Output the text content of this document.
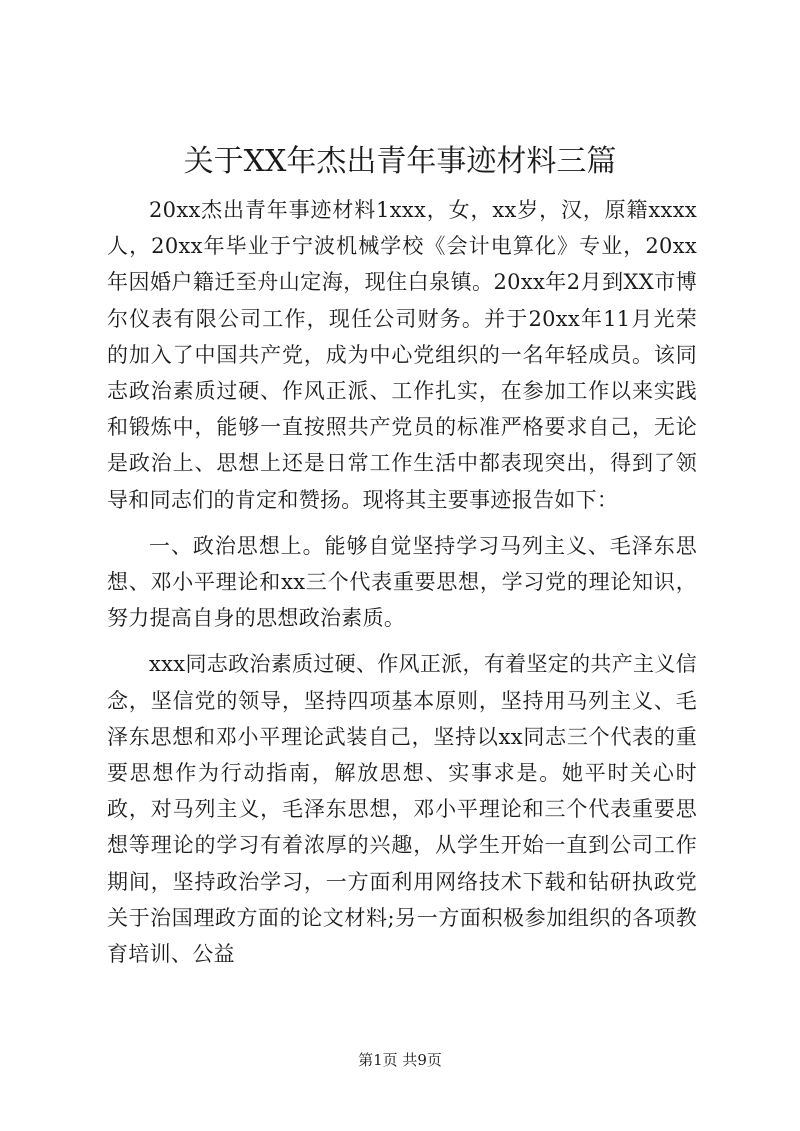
关于XX年杰出青年事迹材料三篇

20xx杰出青年事迹材料1xxx，女，xx岁，汉，原籍xxxx人，20xx年毕业于宁波机械学校《会计电算化》专业，20xx年因婚户籍迁至舟山定海，现住白泉镇。20xx年2月到XX市博尔仪表有限公司工作，现任公司财务。并于20xx年11月光荣的加入了中国共产党，成为中心党组织的一名年轻成员。该同志政治素质过硬、作风正派、工作扎实，在参加工作以来实践和锻炼中，能够一直按照共产党员的标准严格要求自己，无论是政治上、思想上还是日常工作生活中都表现突出，得到了领导和同志们的肯定和赞扬。现将其主要事迹报告如下：

一、政治思想上。能够自觉坚持学习马列主义、毛泽东思想、邓小平理论和xx三个代表重要思想，学习党的理论知识，努力提高自身的思想政治素质。

xxx同志政治素质过硬、作风正派，有着坚定的共产主义信念，坚信党的领导，坚持四项基本原则，坚持用马列主义、毛泽东思想和邓小平理论武装自己，坚持以xx同志三个代表的重要思想作为行动指南，解放思想、实事求是。她平时关心时政，对马列主义，毛泽东思想，邓小平理论和三个代表重要思想等理论的学习有着浓厚的兴趣，从学生开始一直到公司工作期间，坚持政治学习，一方面利用网络技术下载和钻研执政党关于治国理政方面的论文材料;另一方面积极参加组织的各项教育培训、公益

第1页 共9页
